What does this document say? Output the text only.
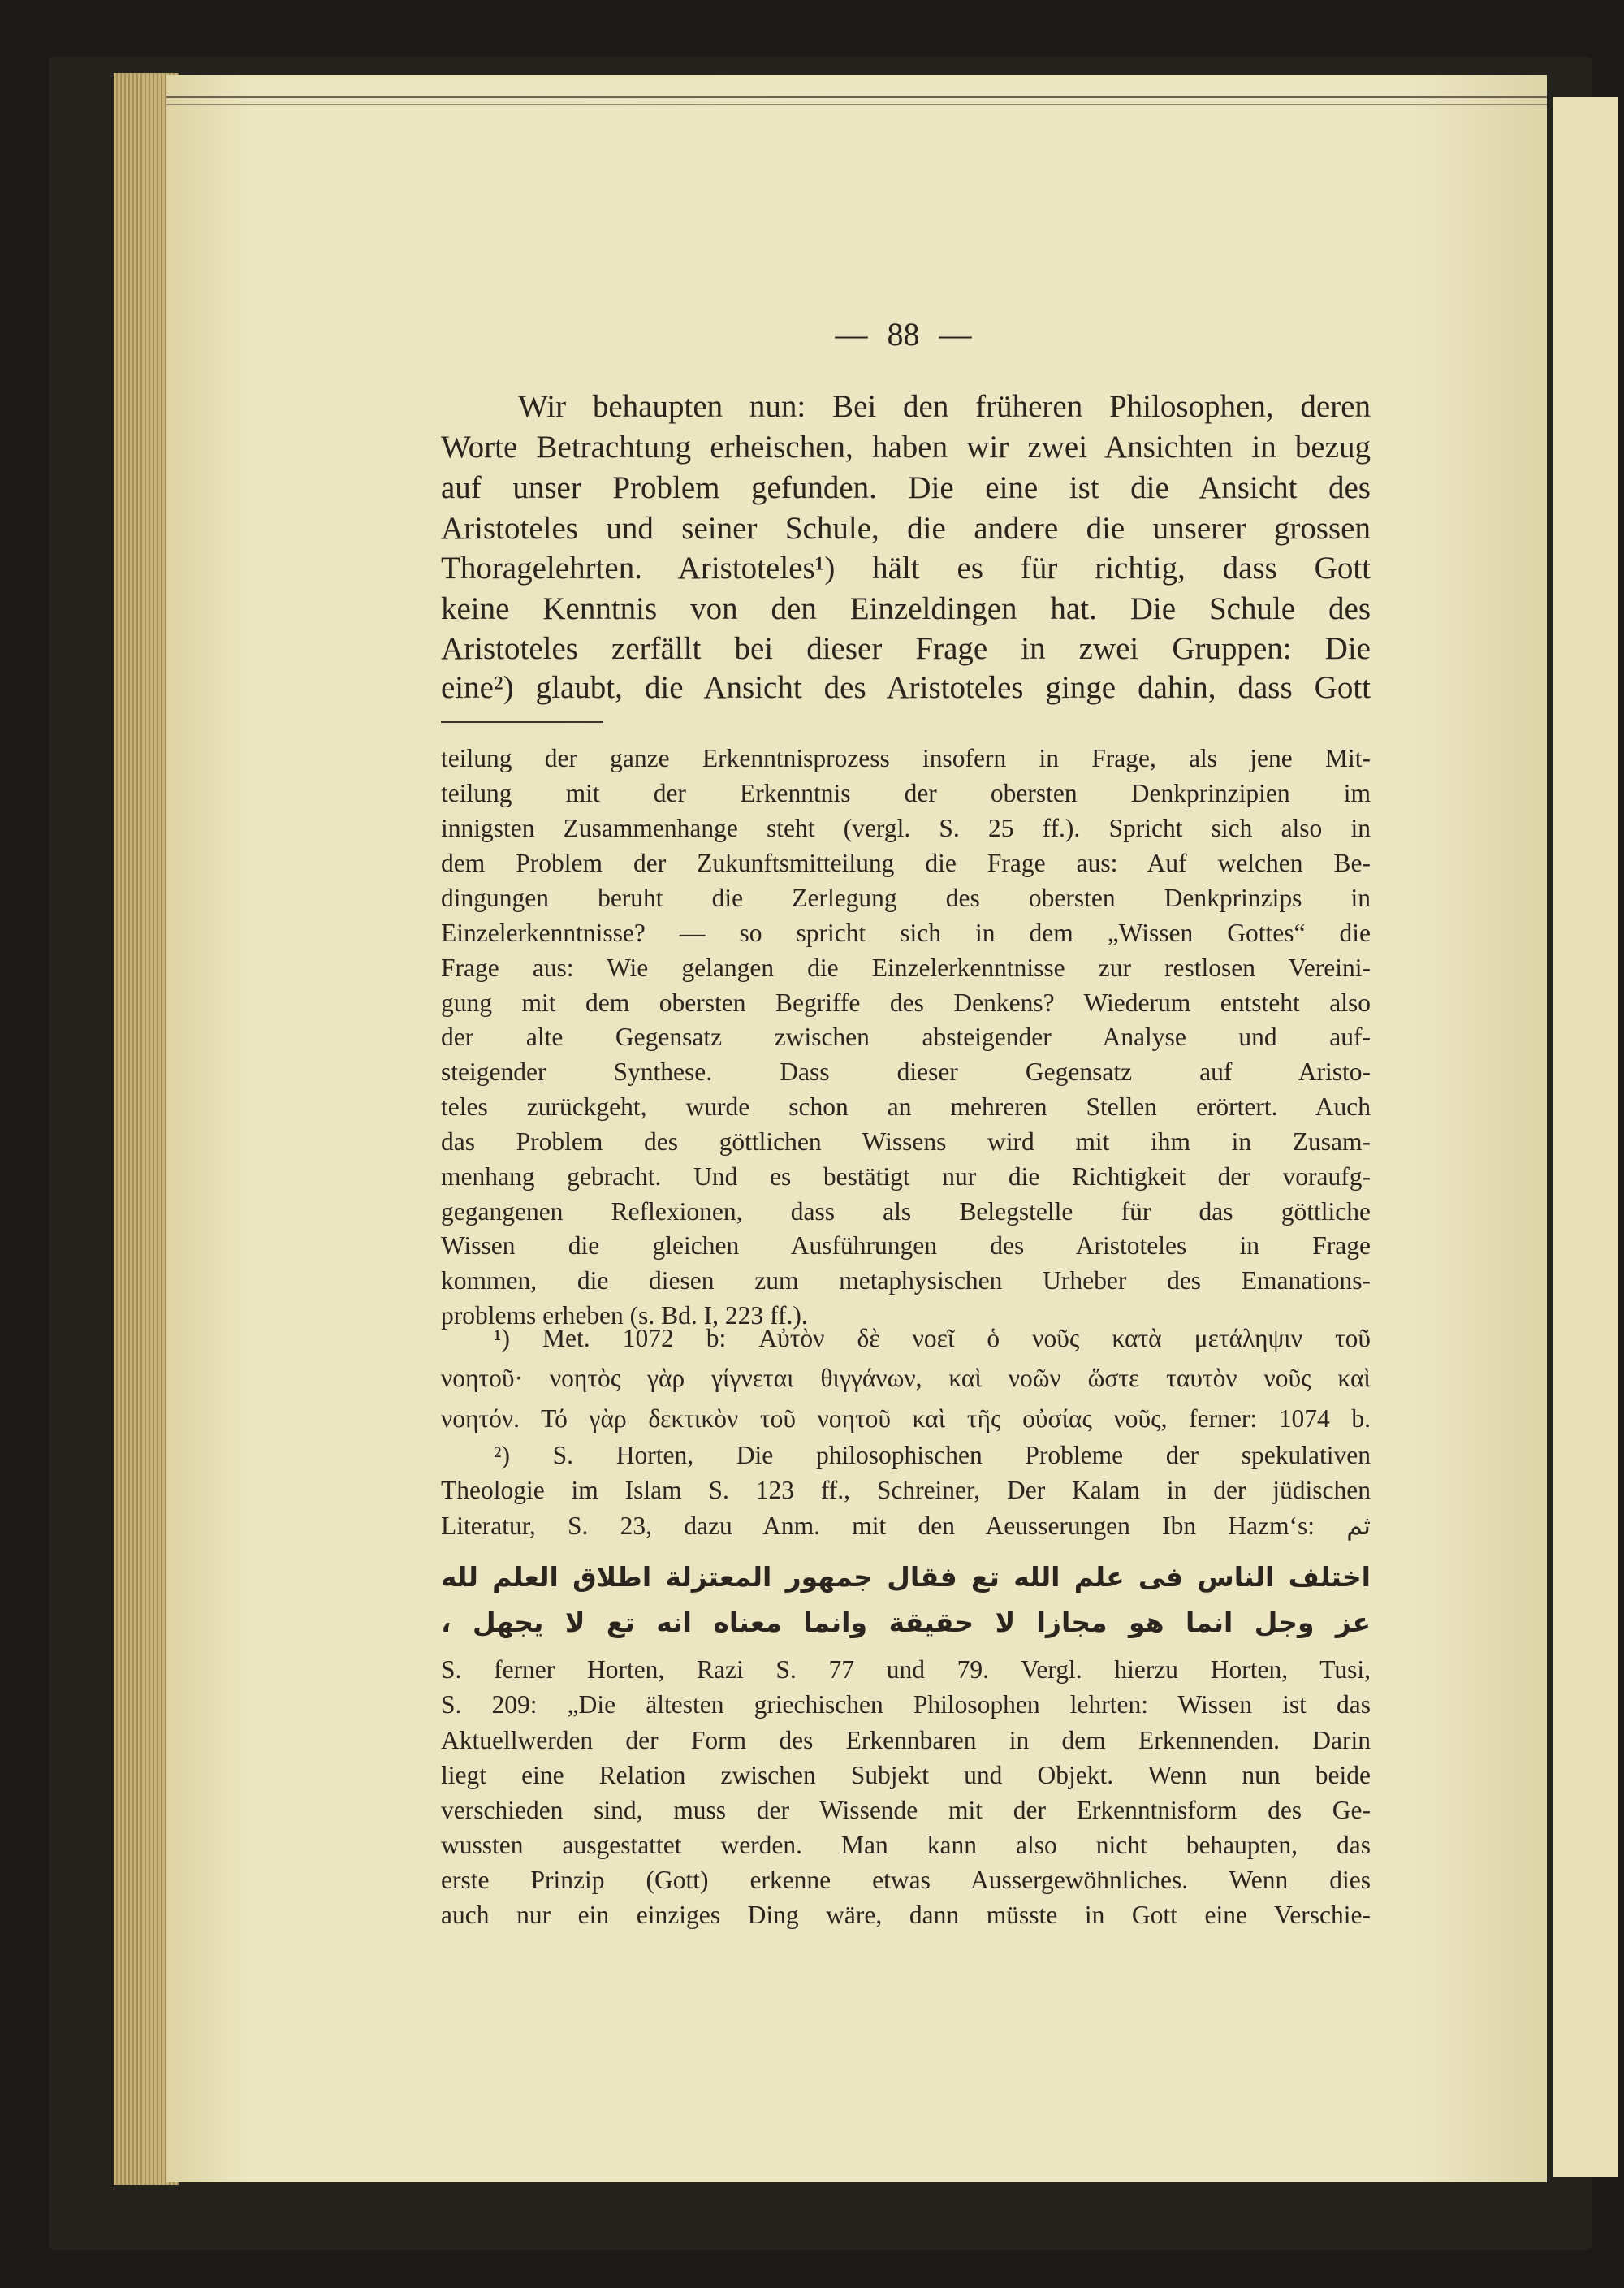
— 88 —
Wir behaupten nun: Bei den früheren Philosophen, deren
Worte Betrachtung erheischen, haben wir zwei Ansichten in bezug
auf unser Problem gefunden. Die eine ist die Ansicht des
Aristoteles und seiner Schule, die andere die unserer grossen
Thoragelehrten. Aristoteles¹) hält es für richtig, dass Gott
keine Kenntnis von den Einzeldingen hat. Die Schule des
Aristoteles zerfällt bei dieser Frage in zwei Gruppen: Die
eine²) glaubt, die Ansicht des Aristoteles ginge dahin, dass Gott
teilung der ganze Erkenntnisprozess insofern in Frage, als jene Mit-
teilung mit der Erkenntnis der obersten Denkprinzipien im
innigsten Zusammenhange steht (vergl. S. 25 ff.). Spricht sich also in
dem Problem der Zukunftsmitteilung die Frage aus: Auf welchen Be-
dingungen beruht die Zerlegung des obersten Denkprinzips in
Einzelerkenntnisse? — so spricht sich in dem „Wissen Gottes“ die
Frage aus: Wie gelangen die Einzelerkenntnisse zur restlosen Vereini-
gung mit dem obersten Begriffe des Denkens? Wiederum entsteht also
der alte Gegensatz zwischen absteigender Analyse und auf-
steigender Synthese. Dass dieser Gegensatz auf Aristo-
teles zurückgeht, wurde schon an mehreren Stellen erörtert. Auch
das Problem des göttlichen Wissens wird mit ihm in Zusam-
menhang gebracht. Und es bestätigt nur die Richtigkeit der voraufg-
gegangenen Reflexionen, dass als Belegstelle für das göttliche
Wissen die gleichen Ausführungen des Aristoteles in Frage
kommen, die diesen zum metaphysischen Urheber des Emanations-
problems erheben (s. Bd. I, 223 ff.).
¹) Met. 1072 b: Αὐτὸν δὲ νοεῖ ὁ νοῦς κατὰ μετάληψιν τοῦ
νοητοῦ· νοητὸς γὰρ γίγνεται θιγγάνων, καὶ νοῶν ὥστε ταυτὸν νοῦς καὶ
νοητόν. Τό γὰρ δεκτικὸν τοῦ νοητοῦ καὶ τῆς οὐσίας νοῦς, ferner: 1074 b.
²) S. Horten, Die philosophischen Probleme der spekulativen
Theologie im Islam S. 123 ff., Schreiner, Der Kalam in der jüdischen
Literatur, S. 23, dazu Anm. mit den Aeusserungen Ibn Hazm‘s: ثم
اختلف الناس فى علم الله تع فقال جمهور المعتزلة اطلاق العلم لله
عز وجل انما هو مجازا لا حقيقة وانما معناه انه تع لا يجهل ،
S. ferner Horten, Razi S. 77 und 79. Vergl. hierzu Horten, Tusi,
S. 209: „Die ältesten griechischen Philosophen lehrten: Wissen ist das
Aktuellwerden der Form des Erkennbaren in dem Erkennenden. Darin
liegt eine Relation zwischen Subjekt und Objekt. Wenn nun beide
verschieden sind, muss der Wissende mit der Erkenntnisform des Ge-
wussten ausgestattet werden. Man kann also nicht behaupten, das
erste Prinzip (Gott) erkenne etwas Aussergewöhnliches. Wenn dies
auch nur ein einziges Ding wäre, dann müsste in Gott eine Verschie-
